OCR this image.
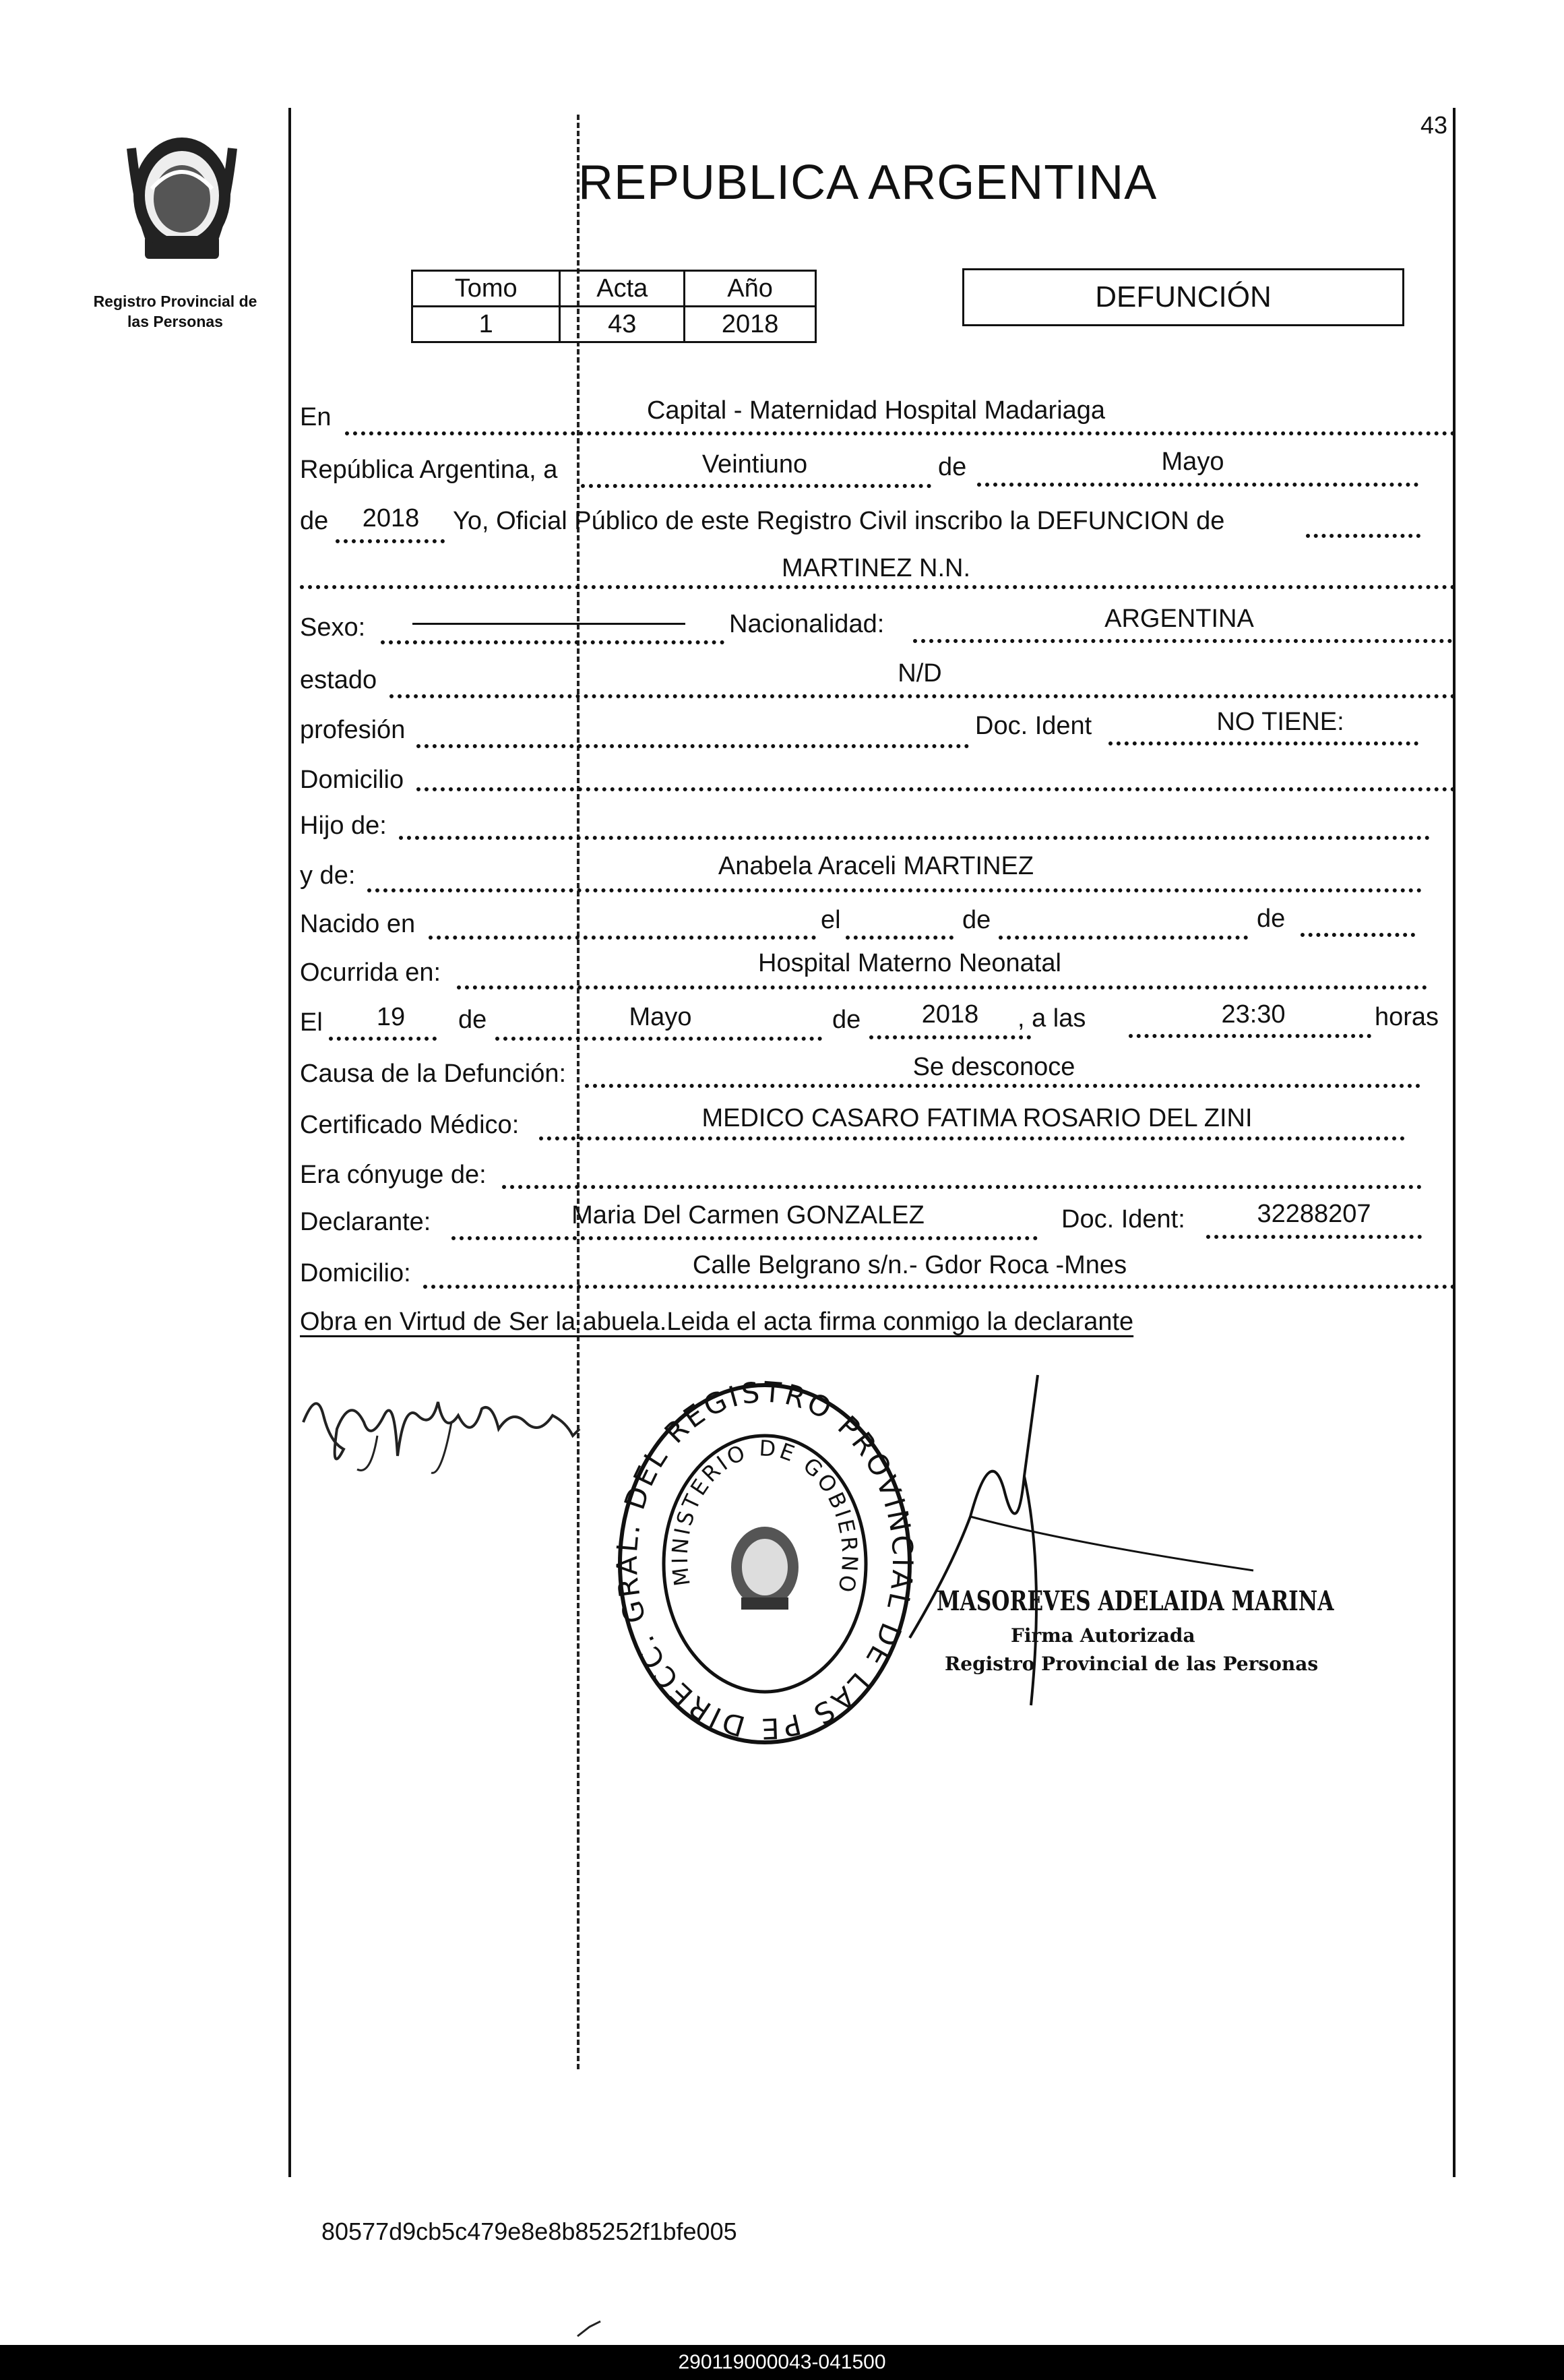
Registro Provincial de
las Personas
43
REPUBLICA ARGENTINA
Tomo	Acta	Año
1	43	2018
DEFUNCIÓN
En	Capital - Maternidad Hospital Madariaga
República Argentina, a	Veintiuno	de	Mayo
de	2018	Yo, Oficial Público de este Registro Civil inscribo la DEFUNCION de
MARTINEZ N.N.
Sexo:	Nacionalidad:	ARGENTINA
estado	N/D
profesión	Doc. Ident	NO TIENE:
Domicilio
Hijo de:
y de:	Anabela Araceli MARTINEZ
Nacido en	el	de	de
Ocurrida en:	Hospital Materno Neonatal
El	19	de	Mayo	de	2018	, a las	23:30	horas
Causa de la Defunción:	Se desconoce
Certificado Médico:	MEDICO CASARO FATIMA ROSARIO DEL ZINI
Era cónyuge de:
Declarante:	Maria Del Carmen GONZALEZ	Doc. Ident:	32288207
Domicilio:	Calle Belgrano s/n.- Gdor Roca -Mnes
Obra en Virtud de Ser la abuela.Leida el acta firma conmigo la declarante
DIRECC. GRAL. DEL REGISTRO PROVINCIAL DE LAS PE
MINISTERIO DE GOBIERNO
MASOREVES ADELAIDA MARINA
Firma Autorizada
Registro Provincial de las Personas
80577d9cb5c479e8e8b85252f1bfe005
290119000043-041500
